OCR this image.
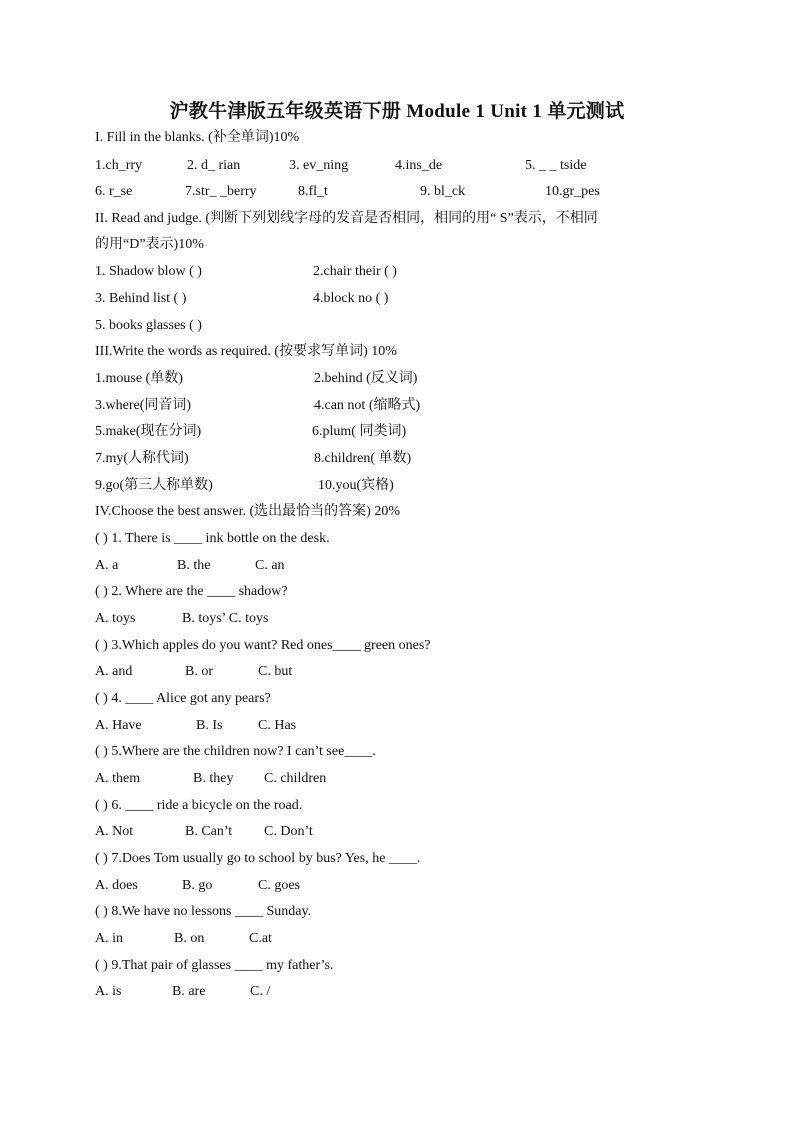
沪教牛津版五年级英语下册 Module 1 Unit 1 单元测试
I. Fill in the blanks. (补全单词)10%
1.ch_rry	2. d_ rian	3. ev_ning	4.ins_de	5. _ _ tside
6. r_se	7.str_ _berry	8.fl_t	9. bl_ck	10.gr_pes
II. Read and judge. (判断下列划线字母的发音是否相同，相同的用“ S”表示，不相同
的用“D”表示)10%
1. Shadow blow ( )	2.chair their ( )
3. Behind list ( )	4.block no ( )
5. books glasses ( )
III.Write the words as required. (按要求写单词) 10%
1.mouse (单数)	2.behind (反义词)
3.where(同音词)	4.can not (缩略式)
5.make(现在分词)	6.plum( 同类词)
7.my(人称代词)	8.children( 单数)
9.go(第三人称单数)	10.you(宾格)
IV.Choose the best answer. (选出最恰当的答案) 20%
( ) 1. There is ____ ink bottle on the desk.
A. a	B. the	C. an
( ) 2. Where are the ____ shadow?
A. toys	B. toys’ C. toys
( ) 3.Which apples do you want? Red ones____ green ones?
A. and	B. or	C. but
( ) 4. ____ Alice got any pears?
A. Have	B. Is	C. Has
( ) 5.Where are the children now? I can’t see____.
A. them	B. they C. children
( ) 6. ____ ride a bicycle on the road.
A. Not	B. Can’t C. Don’t
( ) 7.Does Tom usually go to school by bus? Yes, he ____.
A. does	B. go	C. goes
( ) 8.We have no lessons ____ Sunday.
A. in	B. on	C.at
( ) 9.That pair of glasses ____ my father’s.
A. is	B. are	C. /
